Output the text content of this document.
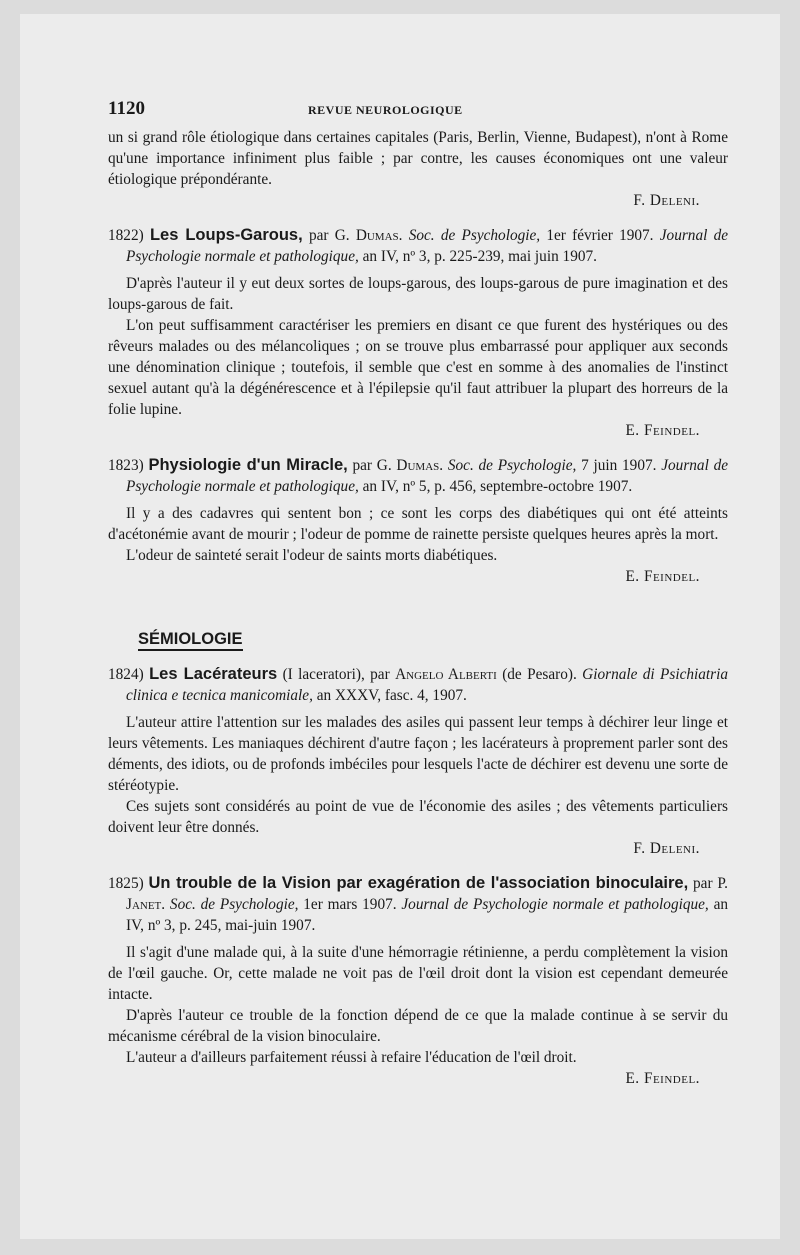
1120	REVUE NEUROLOGIQUE

un si grand rôle étiologique dans certaines capitales (Paris, Berlin, Vienne, Budapest), n'ont à Rome qu'une importance infiniment plus faible ; par contre, les causes économiques ont une valeur étiologique prépondérante.

F. Deleni.

1822) Les Loups-Garous, par G. Dumas. Soc. de Psychologie, 1er février 1907. Journal de Psychologie normale et pathologique, an IV, nº 3, p. 225-239, mai juin 1907.

D'après l'auteur il y eut deux sortes de loups-garous, des loups-garous de pure imagination et des loups-garous de fait.

L'on peut suffisamment caractériser les premiers en disant ce que furent des hystériques ou des rêveurs malades ou des mélancoliques ; on se trouve plus embarrassé pour appliquer aux seconds une dénomination clinique ; toutefois, il semble que c'est en somme à des anomalies de l'instinct sexuel autant qu'à la dégénérescence et à l'épilepsie qu'il faut attribuer la plupart des horreurs de la folie lupine.

E. Feindel.

1823) Physiologie d'un Miracle, par G. Dumas. Soc. de Psychologie, 7 juin 1907. Journal de Psychologie normale et pathologique, an IV, nº 5, p. 456, septembre-octobre 1907.

Il y a des cadavres qui sentent bon ; ce sont les corps des diabétiques qui ont été atteints d'acétonémie avant de mourir ; l'odeur de pomme de rainette persiste quelques heures après la mort.

L'odeur de sainteté serait l'odeur de saints morts diabétiques.

E. Feindel.

SÉMIOLOGIE

1824) Les Lacérateurs (I laceratori), par Angelo Alberti (de Pesaro). Giornale di Psichiatria clinica e tecnica manicomiale, an XXXV, fasc. 4, 1907.

L'auteur attire l'attention sur les malades des asiles qui passent leur temps à déchirer leur linge et leurs vêtements. Les maniaques déchirent d'autre façon ; les lacérateurs à proprement parler sont des déments, des idiots, ou de profonds imbéciles pour lesquels l'acte de déchirer est devenu une sorte de stéréotypie.

Ces sujets sont considérés au point de vue de l'économie des asiles ; des vêtements particuliers doivent leur être donnés.

F. Deleni.

1825) Un trouble de la Vision par exagération de l'association binoculaire, par P. Janet. Soc. de Psychologie, 1er mars 1907. Journal de Psychologie normale et pathologique, an IV, nº 3, p. 245, mai-juin 1907.

Il s'agit d'une malade qui, à la suite d'une hémorragie rétinienne, a perdu complètement la vision de l'œil gauche. Or, cette malade ne voit pas de l'œil droit dont la vision est cependant demeurée intacte.

D'après l'auteur ce trouble de la fonction dépend de ce que la malade continue à se servir du mécanisme cérébral de la vision binoculaire.

L'auteur a d'ailleurs parfaitement réussi à refaire l'éducation de l'œil droit.

E. Feindel.
